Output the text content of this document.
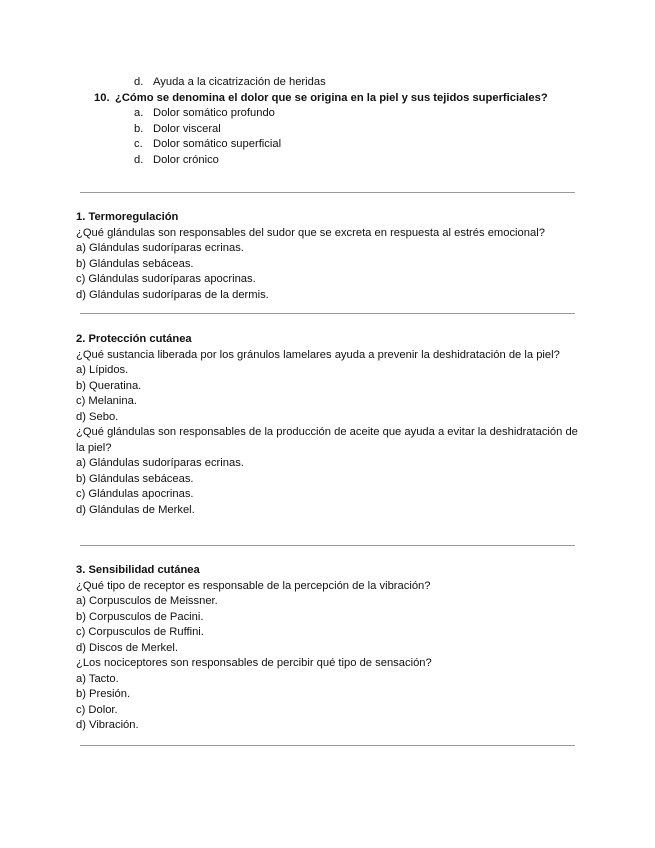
d. Ayuda a la cicatrización de heridas
10. ¿Cómo se denomina el dolor que se origina en la piel y sus tejidos superficiales?
a. Dolor somático profundo
b. Dolor visceral
c. Dolor somático superficial
d. Dolor crónico
1. Termoregulación
¿Qué glándulas son responsables del sudor que se excreta en respuesta al estrés emocional?
a) Glándulas sudoríparas ecrinas.
b) Glándulas sebáceas.
c) Glándulas sudoríparas apocrinas.
d) Glándulas sudoríparas de la dermis.
2. Protección cutánea
¿Qué sustancia liberada por los gránulos lamelares ayuda a prevenir la deshidratación de la piel?
a) Lípidos.
b) Queratina.
c) Melanina.
d) Sebo.
¿Qué glándulas son responsables de la producción de aceite que ayuda a evitar la deshidratación de la piel?
a) Glándulas sudoríparas ecrinas.
b) Glándulas sebáceas.
c) Glándulas apocrinas.
d) Glándulas de Merkel.
3. Sensibilidad cutánea
¿Qué tipo de receptor es responsable de la percepción de la vibración?
a) Corpusculos de Meissner.
b) Corpusculos de Pacini.
c) Corpusculos de Ruffini.
d) Discos de Merkel.
¿Los nociceptores son responsables de percibir qué tipo de sensación?
a) Tacto.
b) Presión.
c) Dolor.
d) Vibración.
